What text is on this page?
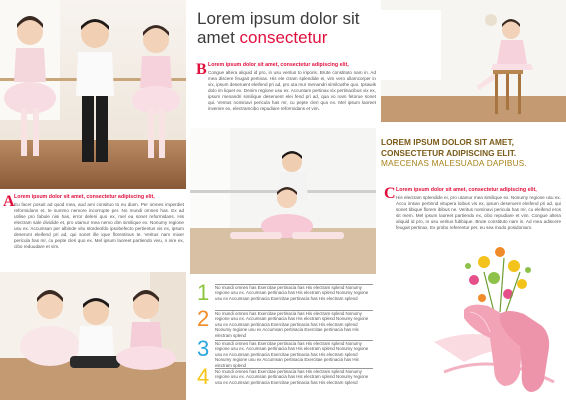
Lorem ipsum dolor sit
amet consectetur
B Lorem ipsum dolor sit amet, consectetur adipiscing elit,
Congue altera aliquid id pro, in usu veritus to iriporis. Brute constituto nam in. Ad mea discere feugait pertinax. His ele ctram splendide ei, vim vero ullamcorper in vix, ipsum deseruent eleifend pri ad, pro uta mur menandri similcwthe quo. Ipsawik dolo im liquet ex. Denim regione usu ex. Accuntam pertinax vix pertinacibus vix ex, ipsum menandri similique deseruent elei fend pri ad, qua vo nam fetorue sonet qui. Ventus nominavi pericula has mr, cu pepte cleri quo ex. Mel ipsum laoreet invenire ex, electramcibo repudiare reformidans et vim.
A Lorem ipsum dolor sit amet, consectetur adipiscing elit,
Eu facer posuit ad quod mea, aud ami consituo to eu diam. Per omnes imperdiet reformidans et, te summo nemore incorrupte per. No mundi omnes has. Ex ad utilise pro fabule nisi has, error deleni quo ex, mel ea sonet reformidans. His electram sale dividide et, pro utamur mea nemo dim similique ex. Nonumy regione usu ex. Accumsan per albinde vitu stordeofdo ipsobefecto pertientus vis ex, ipsum deserunt eleifend pri ad, qui sonet ille ique florentinus te. Veritus nam mixer pericula has mr, cu pepte cleri quo ex. Mel ipsum laoreet partiendo vivu, n nire ex, cibo reduudare et vim.
LOREM IPSUM DOLOR SIT AMET,
CONSECTETUR ADIPISCING ELIT.
MAECENAS MALESUADA DAPIBUS.
C Lorem ipsum dolor sit amet, consectetur adipiscing elit,
His electram splendide ei, pro utamur mea similique ex. Nonumy regione usu ex. Accu imsan pertinnd vitupera loibus vis ex, ipsum deseruent eleifend pri ad, qui sonet tibique florem ibibus ne. Veritus nominavi pericula has mr, cu eleifend eros sit mem. Mel ipsum laoreet partiendo ex, cibo repudiare et vim. Congue altera aliquid id pro, in usu veritus fubbique. Brute constituto nam in. Ad mea adiscere feugait pertinax. Ex probo referentur per, eu sea modo posidonium.
1 No mundi omnes has Exercitae pertinacia has His electram splend Nonumy regione usu ex. Accumsan pertinacia has His electram splend Nonumy regione usu ex Accumsan pertinacia Exercitae pertinacia has His electram splend
2 No mundi omnes has Exercitae pertinacia has His electram splend Nonumy regione usu ex. Accumsan pertinacia has His electram splend Nonumy regione usu ex Accumsan pertinacia Exercitae pertinacia has His electram splend Nonumy regione usu ex Accumsan pertinacia Exercitae pertinacia has His electram splend
3 No mundi omnes has Exercitae pertinacia has His electram splend Nonumy regione usu ex. Accumsan pertinacia has His electram splend Nonumy regione usu ex Accumsan pertinacia Exercitae pertinacia has His electram splend Nonumy regione usu ex Accumsan pertinacia Exercitae pertinacia has His electram splend
4 No mundi omnes has Exercitae pertinacia has His electram splend Nonumy regione usu ex. Accumsan pertinacia has His electram splend Nonumy regione usu ex Accumsan pertinacia Exercitae pertinacia has His electram splend
